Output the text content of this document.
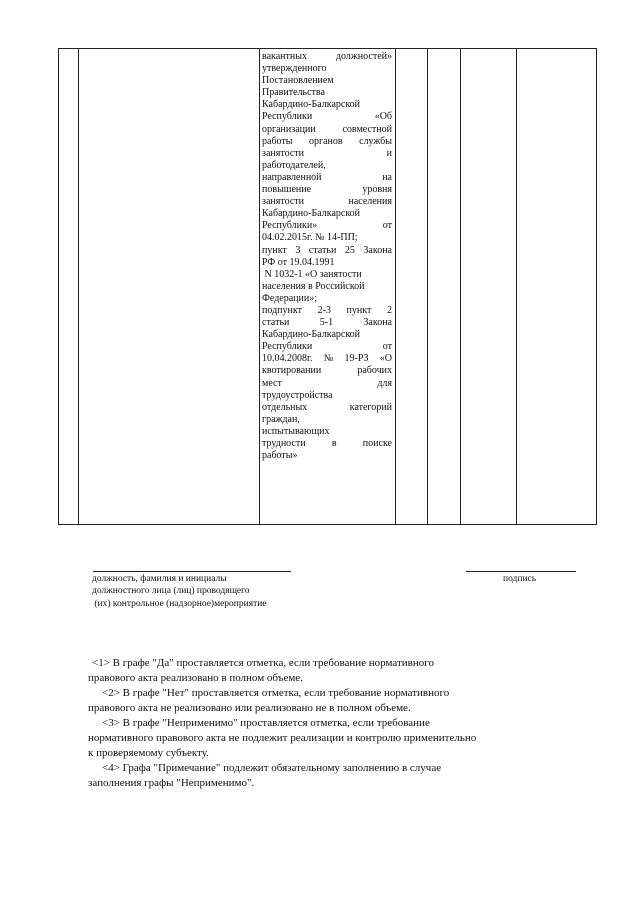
вакантных	должностей»
утвержденного
Постановлением
Правительства
Кабардино-Балкарской
Республики	«Об
организации	совместной
работы органов службы
занятости	и
работодателей,
направленной	на
повышение	уровня
занятости	населения
Кабардино-Балкарской
Республики»	от
04.02.2015г. № 14-ПП;
пункт 3 статьи 25 Закона
РФ от 19.04.1991
N 1032-1 «О занятости
населения в Российской
Федерации»;
подпункт 2-3 пункт 2
статьи	5-1	Закона
Кабардино-Балкарской
Республики	от
10.04.2008г. № 19-РЗ «О
квотировании	рабочих
мест	для
трудоустройства
отдельных	категорий
граждан,
испытывающих
трудности	в	поиске
работы»
должность, фамилия и инициалы
должностного лица (лиц) проводящего
(их) контрольное (надзорное)мероприятие
подпись
<1> В графе "Да" проставляется отметка, если требование нормативного
правового акта реализовано в полном объеме.
<2> В графе "Нет" проставляется отметка, если требование нормативного
правового акта не реализовано или реализовано не в полном объеме.
<3> В графе "Неприменимо" проставляется отметка, если требование
нормативного правового акта не подлежит реализации и контролю применительно
к проверяемому субъекту.
<4> Графа "Примечание" подлежит обязательному заполнению в случае
заполнения графы "Неприменимо".
